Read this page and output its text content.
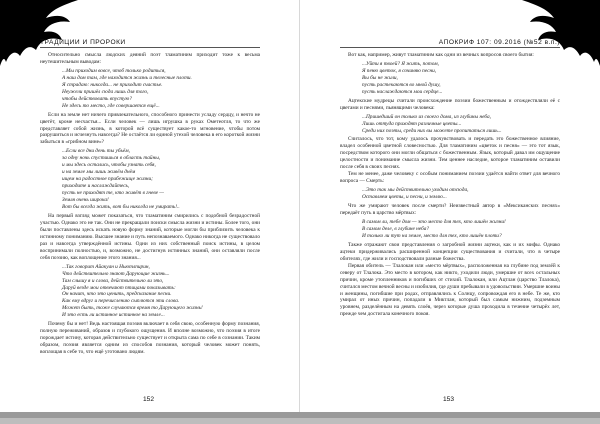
ТРАДИЦИИ И ПРОРОКИ

Относительно смысла людских деяний поэт тламатиним приходит тоже к весьма неутешительным выводам:

...Мы приходим вовсе, чтоб только родиться,
А наш дом там, где находится жизнь и телесные плоти.
Я страдаю: никогда... не приходит счастье.
Неужели пришёл сюда лишь для того,
чтобы действовать впустую?
Не здесь то место, где совершается ещё...

Если на земле нет ничего привлекательного, способного принести усладу сердцу, и нечто не цветёт, кроме несчастья... Если человек — лишь игрушка в руках Ометеотля, то что же представляет собой жизнь, в которой всё существует какое-то мгновение, чтобы потом разрушиться и исчезнуть навсегда? Не остаётся ли единой утехой человека в его короткой жизни забыться в «грибном вине»?

...Если все дни день ты убьём,
за одну ночь спустишься в область тайны,
и мы здесь остались, чтобы узнать себя,
и на земле мы лишь живём днём
ищем на радостное прибежище жизни;
приходите и наслаждайтесь,
пусть не приходят те, кто живёт в гневе —
Земля очень широка!
Вот бы всегда жить, вот бы никогда не умирать!..

На первый взгляд может показаться, что тламатиним смирились с подобной безрадостной участью. Однако это не так. Они не прекращали поиски смысла жизни и истины. Более того, они были поставлены здесь искать новую форму знаний, которые могли бы приблизить человека к истинному пониманию. Высшее знание и путь непознаваемого. Однако никогда не существовало раз и навсегда утверждённой истины. Одни из них собственный поиск истины, в целом воспринимали полностью, и, возможно, не достигнув истинных знаний, они оставляли после себя поэзию, как воплощение этого знания...

...Так говорит Айакуан и Ньютлпирин,
Что действительно знают Дарующие жизнь...
Там слышу я и слова, действительно ли это,
Даруй везде мои отвечают птицами показывать:
Он начит, что это ценить, предсказание песни.
Как ему вдруг и перечислению сыплются эти слова.
Может быть, тоже случаются время то Дарующего жизнь!
И это есть ли истинное истинное на земле...

Почему бы и нет! Ведь настоящая поэзия включает в себя свою, особенную форму познания, полную переживаний, образов и глубокого ощущения. И вполне возможно, что поэзия в итоге порождает истину, которая действительно существует и открыта сама по себе в сознании. Таким образом, поэзия является одним из способов познания, который человек может понять, воплощая в себе то, что ещё уготовано людям.

152
АПОКРИФ 107: 09.2016 (№52 в.п.)

Вот как, например, живут тламатиним как одни из вечных вопросов своего бытия:

...Уйти я твоей? Я жить, потом,
Я пеню цветок, я сочиняю песни,
Вы бы не жили,
пусть растекаются во мной душу,
пусть наслаждаются мои сердце...

Ацтекские мудрецы считали происхождение поэзии божественным и отождествляли её с цветами и песнями, пьянящими человека:

...Пришедший он только из своего дома, из глубины неба,
Лишь оттуда приходят различные цветы...
Среди них поэты, среди них вы можете пропитаться лишь...

Считалось, что тот, кому удалось прочувствовать и передать это божественное влияние, владел особенной цветной словесностью. Для тламатиним «цветок и песня» — это тот язык, посредством которого они могли общаться с божественным. Язык, который давал им ощущение целостности и понимание смысла жизни. Тем ценнее наследие, которое тламатиним оставили после себя в своих песнях.

Тем не менее, даже человеку с особым пониманием поэзии удаётся найти ответ для вечного вопроса — Смерть:

...Это так мы действительно уходим отсюда,
Оставляем цветы, и песни, и землю...

Что же умирают человек после смерти? Неизвестный автор в «Мексиканских песнях» передаёт путь в царство мёртвых:

В самом ли, тебе дом — это место для тех, кто лишён жизни!
В самом деле, в глубине неба?
И только ли тут на земле, место для тех, кто лишён плоти?

Также отражают свои представления о загробной жизни ацтеки, как и их мифы. Однако ацтеки придерживались расширенной концепции существования и считали, что в четыре обителях, где жили и господствовали разные божества.

Первая обитель — Тлалокан или «место мёртвых», расположенная на глубине под землёй к северу от Тлалока. Это место в котором, как никто, уходили люди, умершие от всех остальных причин, кроме утопленников и погибших от стихий. Тлалокан, или Ацтлан (царство Тлалока), считался местом вечной весны и изобилия, где души пребывали в удовольствии. Умершие воины и женщины, погибшие при родах, отправлялись к Солнцу, сопровождая его в небе. Те же, кто умирал от иных причин, попадали в Миктлан, который был самым нижним, подземным уровнем, разделённым на девять слоёв, через которые душа проходила в течение четырёх лет, прежде чем достигала конечного покоя.

153
